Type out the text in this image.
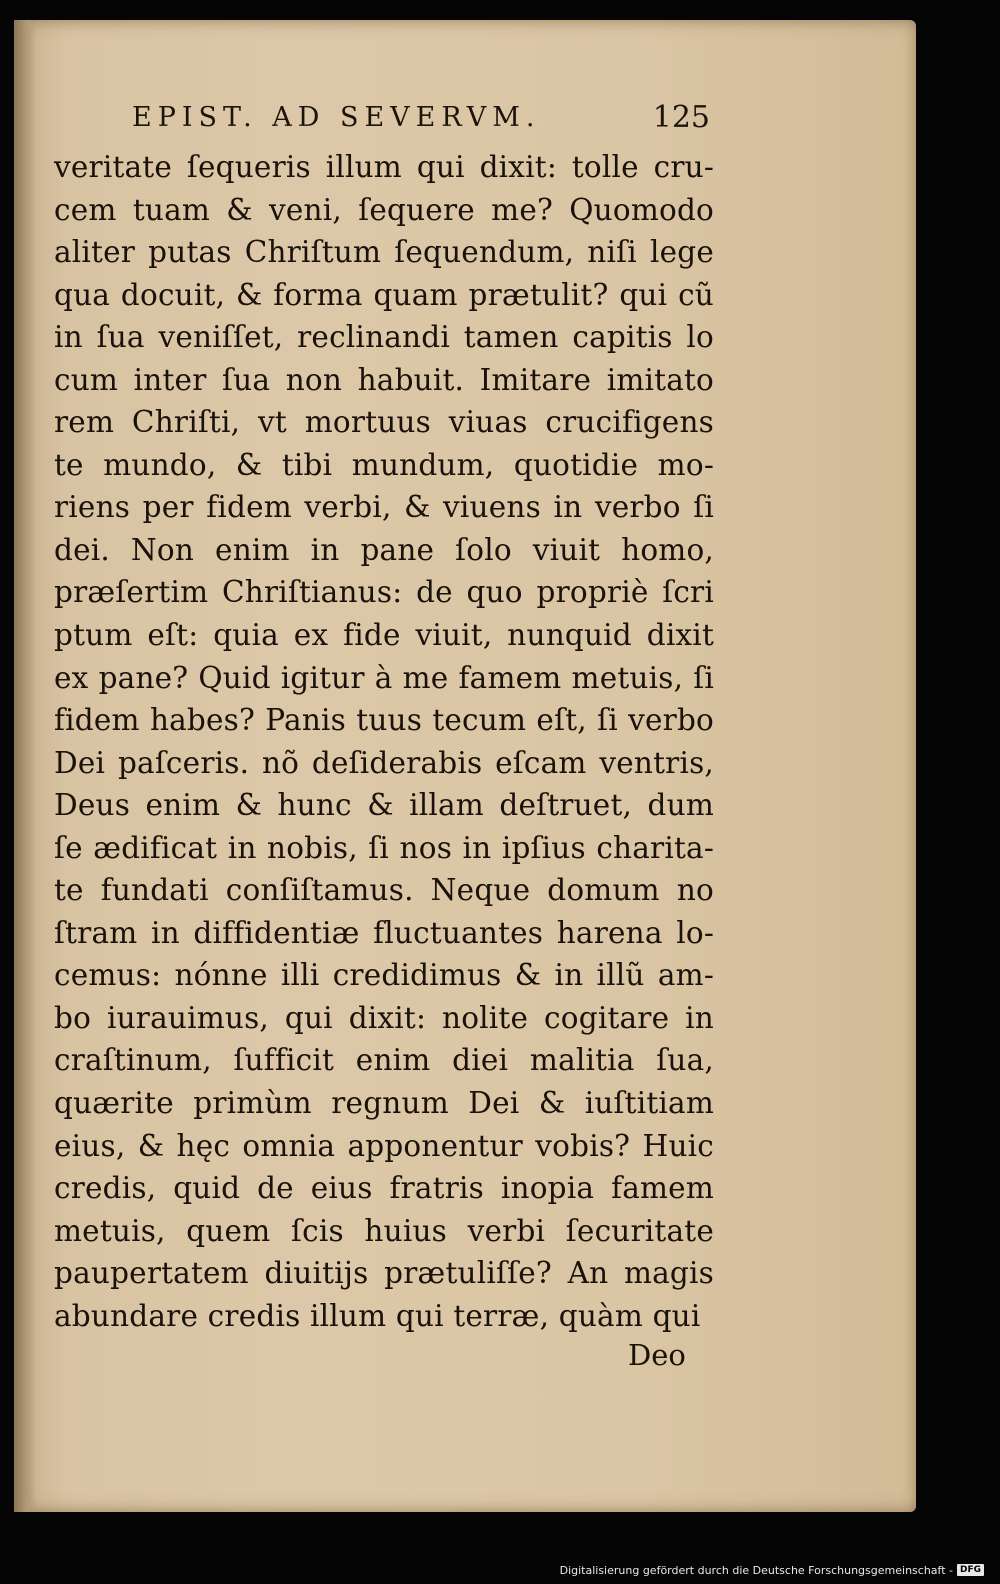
EPIST. AD SEVERVM.	125
veritate ſequeris illum qui dixit: tolle cru-
cem tuam & veni, ſequere me? Quomodo
aliter putas Chriſtum ſequendum, niſi lege
qua docuit, & forma quam prætulit? qui cũ
in ſua veniſſet, reclinandi tamen capitis lo
cum inter ſua non habuit. Imitare imitato
rem Chriſti, vt mortuus viuas crucifigens
te mundo, & tibi mundum, quotidie mo-
riens per fidem verbi, & viuens in verbo ſi
dei. Non enim in pane ſolo viuit homo,
præſertim Chriſtianus: de quo propriè ſcri
ptum eſt: quia ex fide viuit, nunquid dixit
ex pane? Quid igitur à me famem metuis, ſi
fidem habes? Panis tuus tecum eſt, ſi verbo
Dei paſceris. nõ deſiderabis eſcam ventris,
Deus enim & hunc & illam deſtruet, dum
ſe ædificat in nobis, ſi nos in ipſius charita-
te fundati conſiſtamus. Neque domum no
ſtram in diffidentiæ fluctuantes harena lo-
cemus: nónne illi credidimus & in illũ am-
bo iurauimus, qui dixit: nolite cogitare in
craſtinum, ſufficit enim diei malitia ſua,
quærite primùm regnum Dei & iuſtitiam
eius, & hęc omnia apponentur vobis? Huic
credis, quid de eius fratris inopia famem
metuis, quem ſcis huius verbi ſecuritate
paupertatem diuitijs prætuliſſe? An magis
abundare credis illum qui terræ, quàm qui
Deo
Digitalisierung gefördert durch die Deutsche Forschungsgemeinschaft - DFG
